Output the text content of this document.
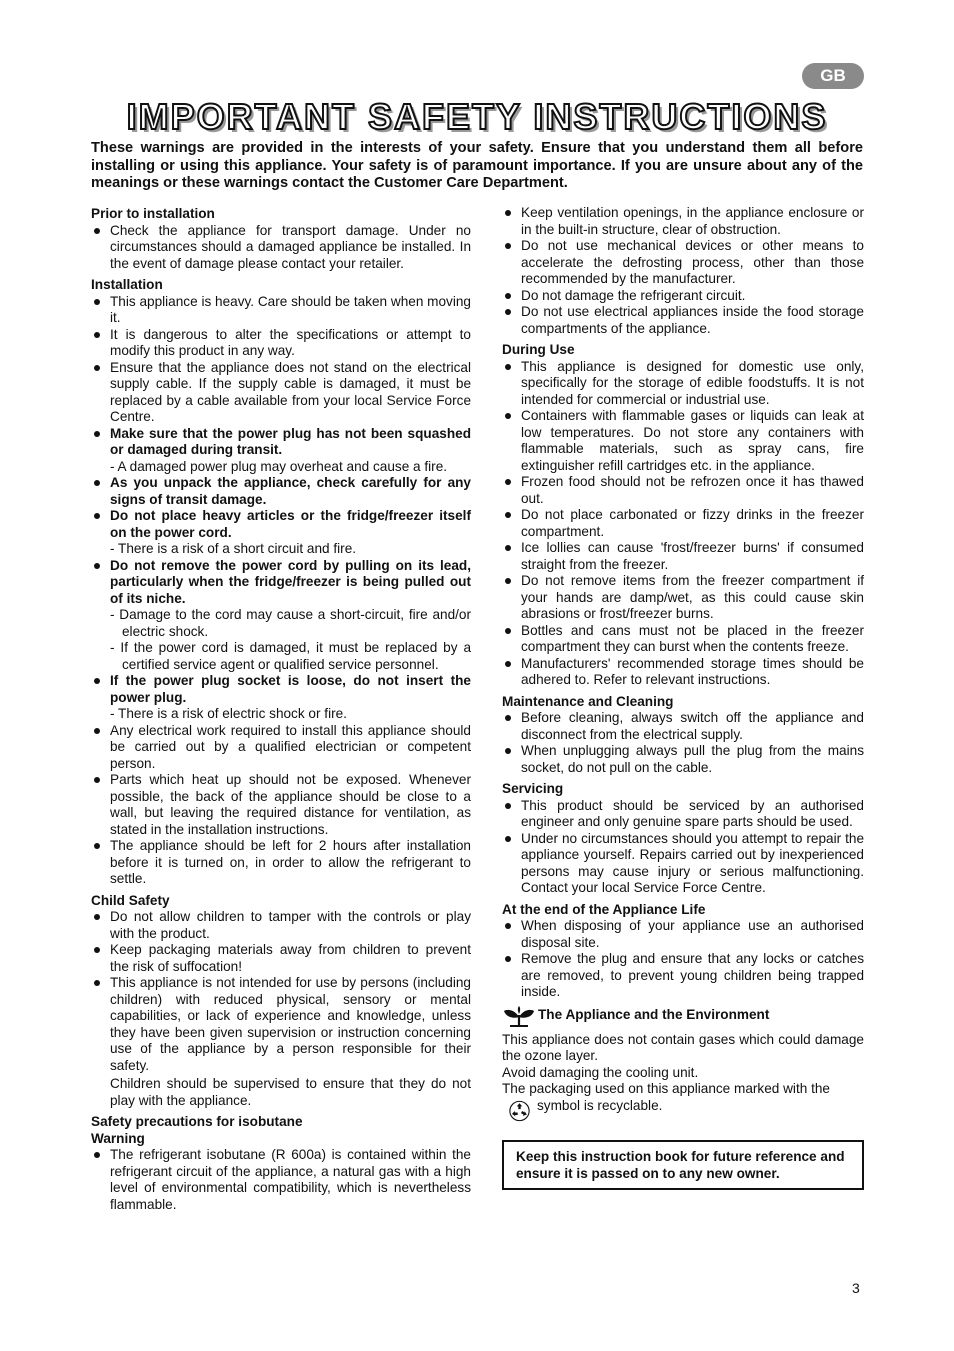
GB
IMPORTANT SAFETY INSTRUCTIONS

These warnings are provided in the interests of your safety. Ensure that you understand them all before installing or using this appliance. Your safety is of paramount importance. If you are unsure about any of the meanings or these warnings contact the Customer Care Department.

Prior to installation

Check the appliance for transport damage. Under no circumstances should a damaged appliance be installed. In the event of damage please contact your retailer.

Installation

This appliance is heavy. Care should be taken when moving it.
It is dangerous to alter the specifications or attempt to modify this product in any way.
Ensure that the appliance does not stand on the electrical supply cable. If the supply cable is damaged, it must be replaced by a cable available from your local Service Force Centre.
Make sure that the power plug has not been squashed or damaged during transit.
- A damaged power plug may overheat and cause a fire.
As you unpack the appliance, check carefully for any signs of transit damage.
Do not place heavy articles or the fridge/freezer itself on the power cord.
- There is a risk of a short circuit and fire.
Do not remove the power cord by pulling on its lead, particularly when the fridge/freezer is being pulled out of its niche.
- Damage to the cord may cause a short-circuit, fire and/or electric shock.
- If the power cord is damaged, it must be replaced by a certified service agent or qualified service personnel.
If the power plug socket is loose, do not insert the power plug.
- There is a risk of electric shock or fire.
Any electrical work required to install this appliance should be carried out by a qualified electrician or competent person.
Parts which heat up should not be exposed. Whenever possible, the back of the appliance should be close to a wall, but leaving the required distance for ventilation, as stated in the installation instructions.
The appliance should be left for 2 hours after installation before it is turned on, in order to allow the refrigerant to settle.

Child Safety

Do not allow children to tamper with the controls or play with the product.
Keep packaging materials away from children to prevent the risk of suffocation!
This appliance is not intended for use by persons (including children) with reduced physical, sensory or mental capabilities, or lack of experience and knowledge, unless they have been given supervision or instruction concerning use of the appliance by a person responsible for their safety.

Children should be supervised to ensure that they do not play with the appliance.

Safety precautions for isobutane

Warning

The refrigerant isobutane (R 600a) is contained within the refrigerant circuit of the appliance, a natural gas with a high level of environmental compatibility, which is nevertheless flammable.
Keep ventilation openings, in the appliance enclosure or in the built-in structure, clear of obstruction.
Do not use mechanical devices or other means to accelerate the defrosting process, other than those recommended by the manufacturer.
Do not damage the refrigerant circuit.
Do not use electrical appliances inside the food storage compartments of the appliance.

During Use

This appliance is designed for domestic use only, specifically for the storage of edible foodstuffs. It is not intended for commercial or industrial use.
Containers with flammable gases or liquids can leak at low temperatures. Do not store any containers with flammable materials, such as spray cans, fire extinguisher refill cartridges etc. in the appliance.
Frozen food should not be refrozen once it has thawed out.
Do not place carbonated or fizzy drinks in the freezer compartment.
Ice lollies can cause 'frost/freezer burns' if consumed straight from the freezer.
Do not remove items from the freezer compartment if your hands are damp/wet, as this could cause skin abrasions or frost/freezer burns.
Bottles and cans must not be placed in the freezer compartment they can burst when the contents freeze.
Manufacturers' recommended storage times should be adhered to. Refer to relevant instructions.

Maintenance and Cleaning

Before cleaning, always switch off the appliance and disconnect from the electrical supply.
When unplugging always pull the plug from the mains socket, do not pull on the cable.

Servicing

This product should be serviced by an authorised engineer and only genuine spare parts should be used.
Under no circumstances should you attempt to repair the appliance yourself. Repairs carried out by inexperienced persons may cause injury or serious malfunctioning. Contact your local Service Force Centre.

At the end of the Appliance Life

When disposing of your appliance use an authorised disposal site.
Remove the plug and ensure that any locks or catches are removed, to prevent young children being trapped inside.
The Appliance and the Environment

This appliance does not contain gases which could damage the ozone layer.

Avoid damaging the cooling unit.

The packaging used on this appliance marked with the

symbol is recyclable.
Keep this instruction book for future reference and ensure it is passed on to any new owner.
3
